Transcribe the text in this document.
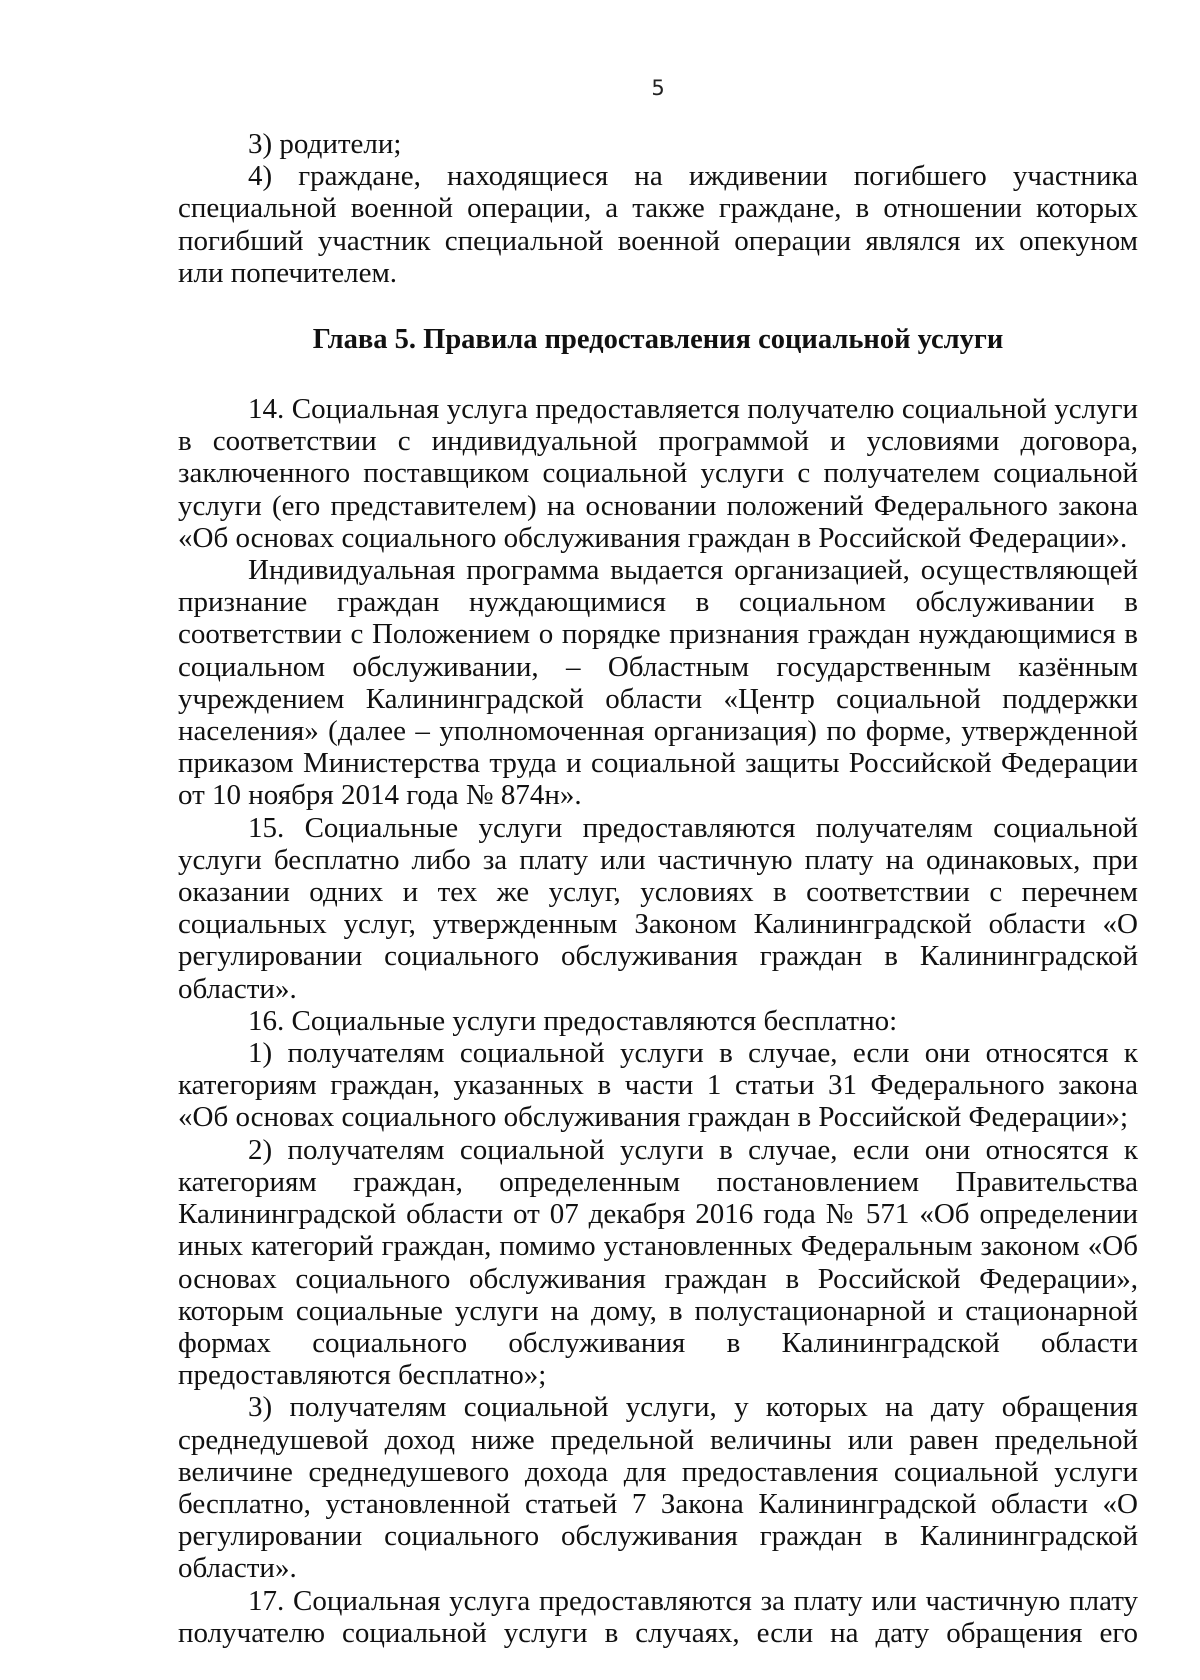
5

3) родители;

4) граждане, находящиеся на иждивении погибшего участника специальной военной операции, а также граждане, в отношении которых погибший участник специальной военной операции являлся их опекуном или попечителем.

Глава 5. Правила предоставления социальной услуги

14. Социальная услуга предоставляется получателю социальной услуги в соответствии с индивидуальной программой и условиями договора, заключенного поставщиком социальной услуги с получателем социальной услуги (его представителем) на основании положений Федерального закона «Об основах социального обслуживания граждан в Российской Федерации».

Индивидуальная программа выдается организацией, осуществляющей признание граждан нуждающимися в социальном обслуживании в соответствии с Положением о порядке признания граждан нуждающимися в социальном обслуживании, – Областным государственным казённым учреждением Калининградской области «Центр социальной поддержки населения» (далее – уполномоченная организация) по форме, утвержденной приказом Министерства труда и социальной защиты Российской Федерации от 10 ноября 2014 года № 874н».

15. Социальные услуги предоставляются получателям социальной услуги бесплатно либо за плату или частичную плату на одинаковых, при оказании одних и тех же услуг, условиях в соответствии с перечнем социальных услуг, утвержденным Законом Калининградской области «О регулировании социального обслуживания граждан в Калининградской области».

16. Социальные услуги предоставляются бесплатно:

1) получателям социальной услуги в случае, если они относятся к категориям граждан, указанных в части 1 статьи 31 Федерального закона «Об основах социального обслуживания граждан в Российской Федерации»;

2) получателям социальной услуги в случае, если они относятся к категориям граждан, определенным постановлением Правительства Калининградской области от 07 декабря 2016 года № 571 «Об определении иных категорий граждан, помимо установленных Федеральным законом «Об основах социального обслуживания граждан в Российской Федерации», которым социальные услуги на дому, в полустационарной и стационарной формах социального обслуживания в Калининградской области предоставляются бесплатно»;

3) получателям социальной услуги, у которых на дату обращения среднедушевой доход ниже предельной величины или равен предельной величине среднедушевого дохода для предоставления социальной услуги бесплатно, установленной статьей 7 Закона Калининградской области «О регулировании социального обслуживания граждан в Калининградской области».

17. Социальная услуга предоставляются за плату или частичную плату получателю социальной услуги в случаях, если на дату обращения его
